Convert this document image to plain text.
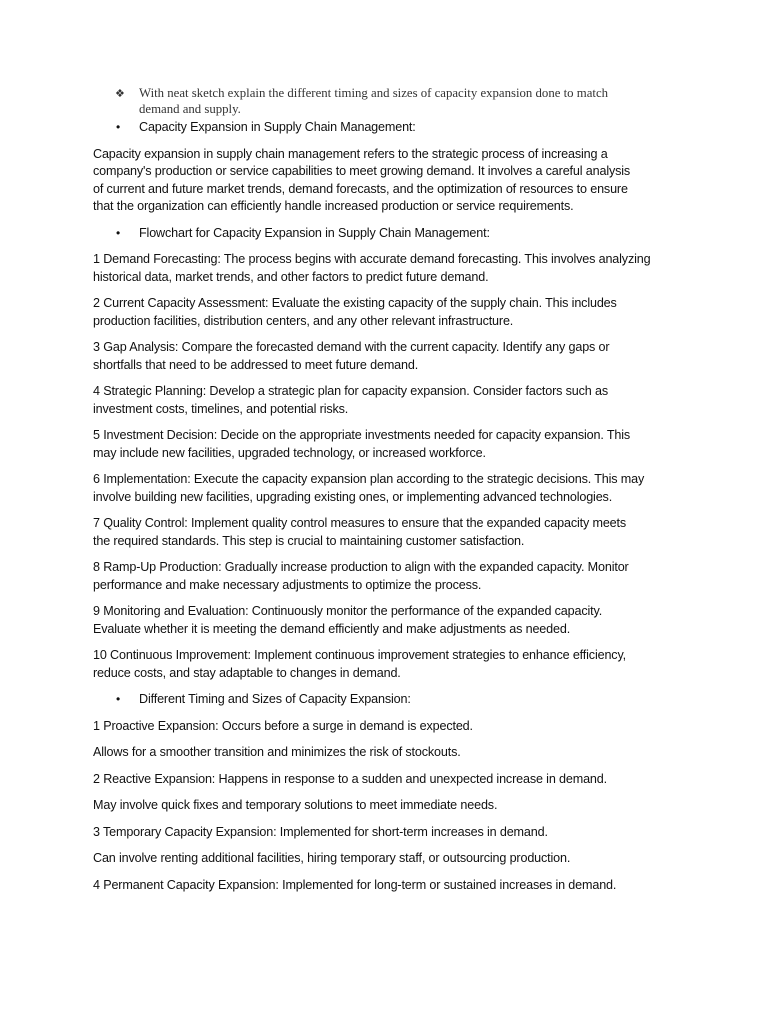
❖ With neat sketch explain the different timing and sizes of capacity expansion done to match
demand and supply.
• Capacity Expansion in Supply Chain Management:

Capacity expansion in supply chain management refers to the strategic process of increasing a
company's production or service capabilities to meet growing demand. It involves a careful analysis
of current and future market trends, demand forecasts, and the optimization of resources to ensure
that the organization can efficiently handle increased production or service requirements.

• Flowchart for Capacity Expansion in Supply Chain Management:

1 Demand Forecasting: The process begins with accurate demand forecasting. This involves analyzing
historical data, market trends, and other factors to predict future demand.

2 Current Capacity Assessment: Evaluate the existing capacity of the supply chain. This includes
production facilities, distribution centers, and any other relevant infrastructure.

3 Gap Analysis: Compare the forecasted demand with the current capacity. Identify any gaps or
shortfalls that need to be addressed to meet future demand.

4 Strategic Planning: Develop a strategic plan for capacity expansion. Consider factors such as
investment costs, timelines, and potential risks.

5 Investment Decision: Decide on the appropriate investments needed for capacity expansion. This
may include new facilities, upgraded technology, or increased workforce.

6 Implementation: Execute the capacity expansion plan according to the strategic decisions. This may
involve building new facilities, upgrading existing ones, or implementing advanced technologies.

7 Quality Control: Implement quality control measures to ensure that the expanded capacity meets
the required standards. This step is crucial to maintaining customer satisfaction.

8 Ramp-Up Production: Gradually increase production to align with the expanded capacity. Monitor
performance and make necessary adjustments to optimize the process.

9 Monitoring and Evaluation: Continuously monitor the performance of the expanded capacity.
Evaluate whether it is meeting the demand efficiently and make adjustments as needed.

10 Continuous Improvement: Implement continuous improvement strategies to enhance efficiency,
reduce costs, and stay adaptable to changes in demand.

• Different Timing and Sizes of Capacity Expansion:

1 Proactive Expansion: Occurs before a surge in demand is expected.

Allows for a smoother transition and minimizes the risk of stockouts.

2 Reactive Expansion: Happens in response to a sudden and unexpected increase in demand.

May involve quick fixes and temporary solutions to meet immediate needs.

3 Temporary Capacity Expansion: Implemented for short-term increases in demand.

Can involve renting additional facilities, hiring temporary staff, or outsourcing production.

4 Permanent Capacity Expansion: Implemented for long-term or sustained increases in demand.
